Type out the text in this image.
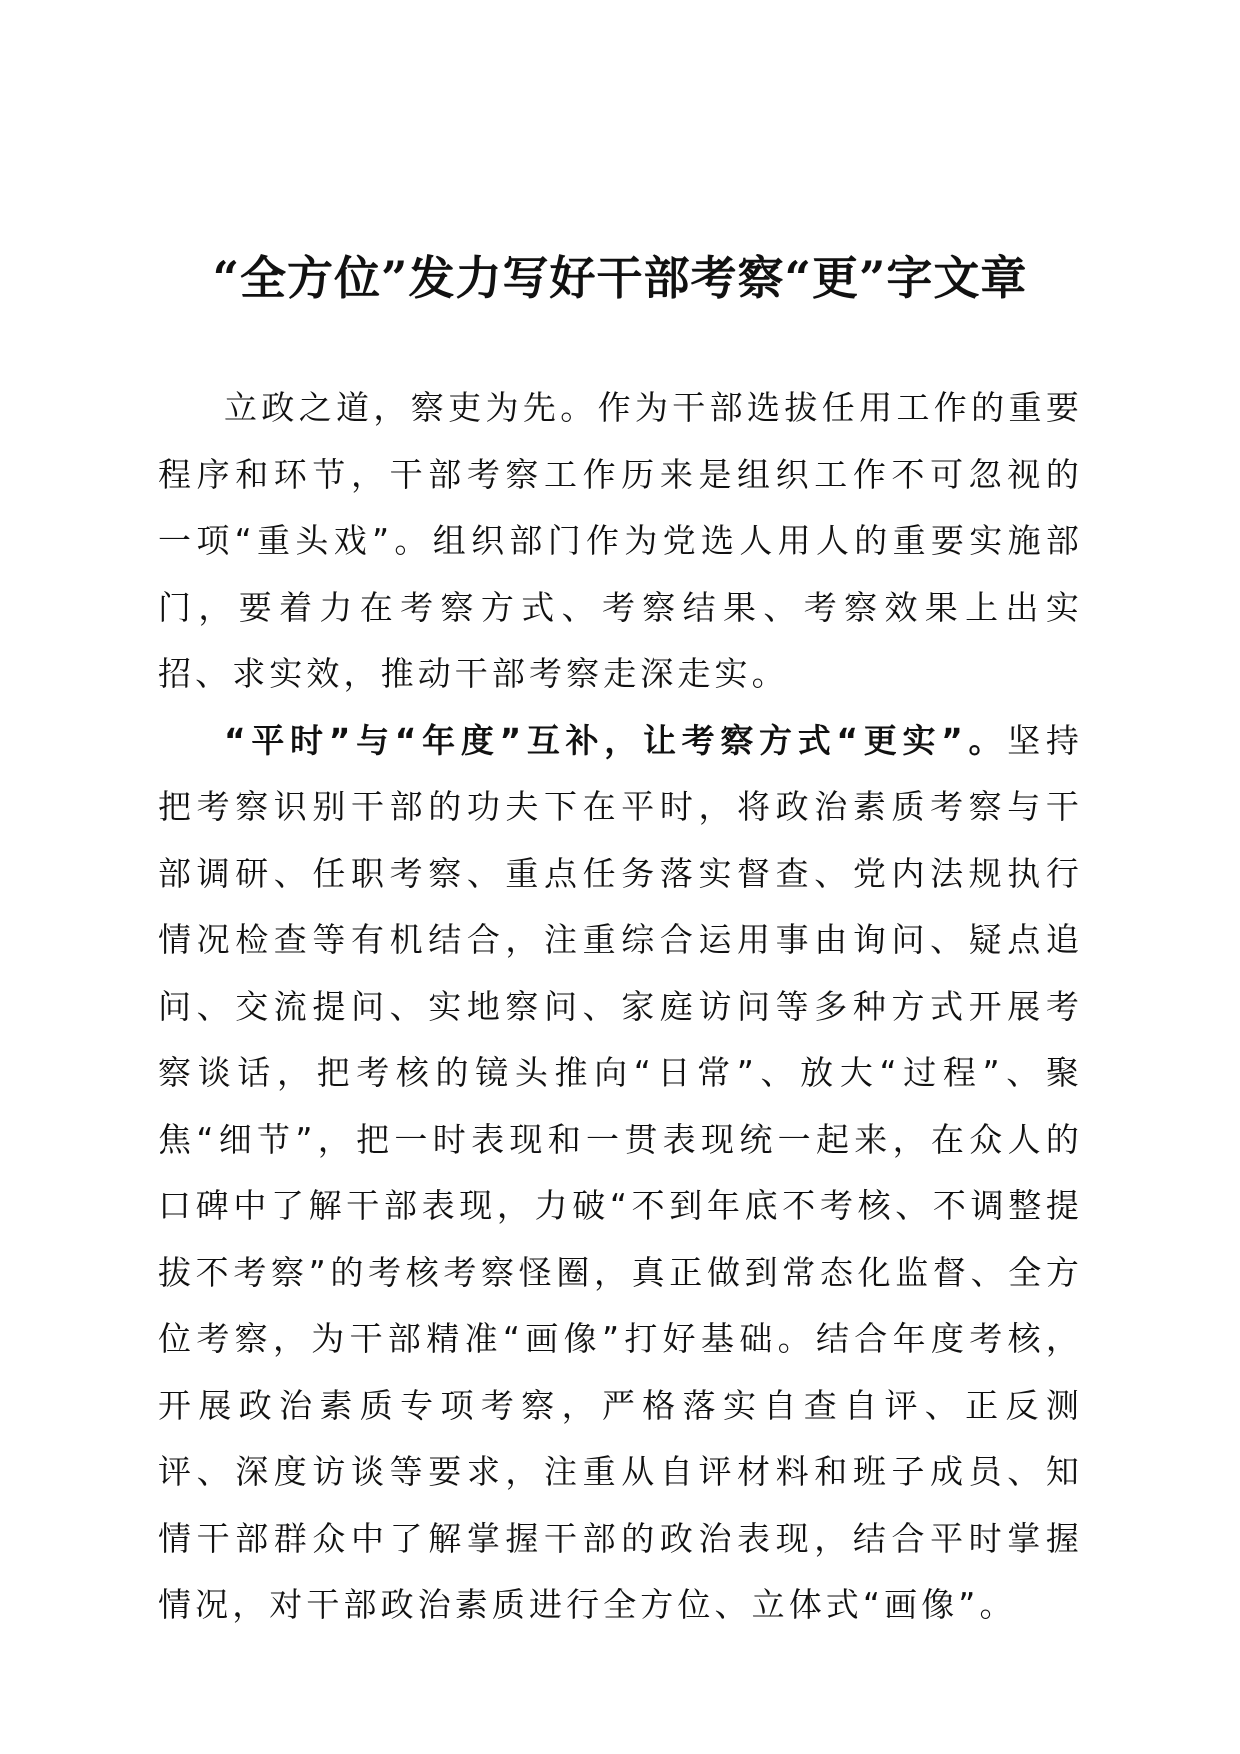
“全方位”发力写好干部考察“更”字文章

立政之道，察吏为先。作为干部选拔任用工作的重要程序和环节，干部考察工作历来是组织工作不可忽视的一项“重头戏”。组织部门作为党选人用人的重要实施部门，要着力在考察方式、考察结果、考察效果上出实招、求实效，推动干部考察走深走实。

“平时”与“年度”互补，让考察方式“更实”。坚持把考察识别干部的功夫下在平时，将政治素质考察与干部调研、任职考察、重点任务落实督查、党内法规执行情况检查等有机结合，注重综合运用事由询问、疑点追问、交流提问、实地察问、家庭访问等多种方式开展考察谈话，把考核的镜头推向“日常”、放大“过程”、聚焦“细节”，把一时表现和一贯表现统一起来，在众人的口碑中了解干部表现，力破“不到年底不考核、不调整提拔不考察”的考核考察怪圈，真正做到常态化监督、全方位考察，为干部精准“画像”打好基础。结合年度考核，开展政治素质专项考察，严格落实自查自评、正反测评、深度访谈等要求，注重从自评材料和班子成员、知情干部群众中了解掌握干部的政治表现，结合平时掌握情况，对干部政治素质进行全方位、立体式“画像”。
